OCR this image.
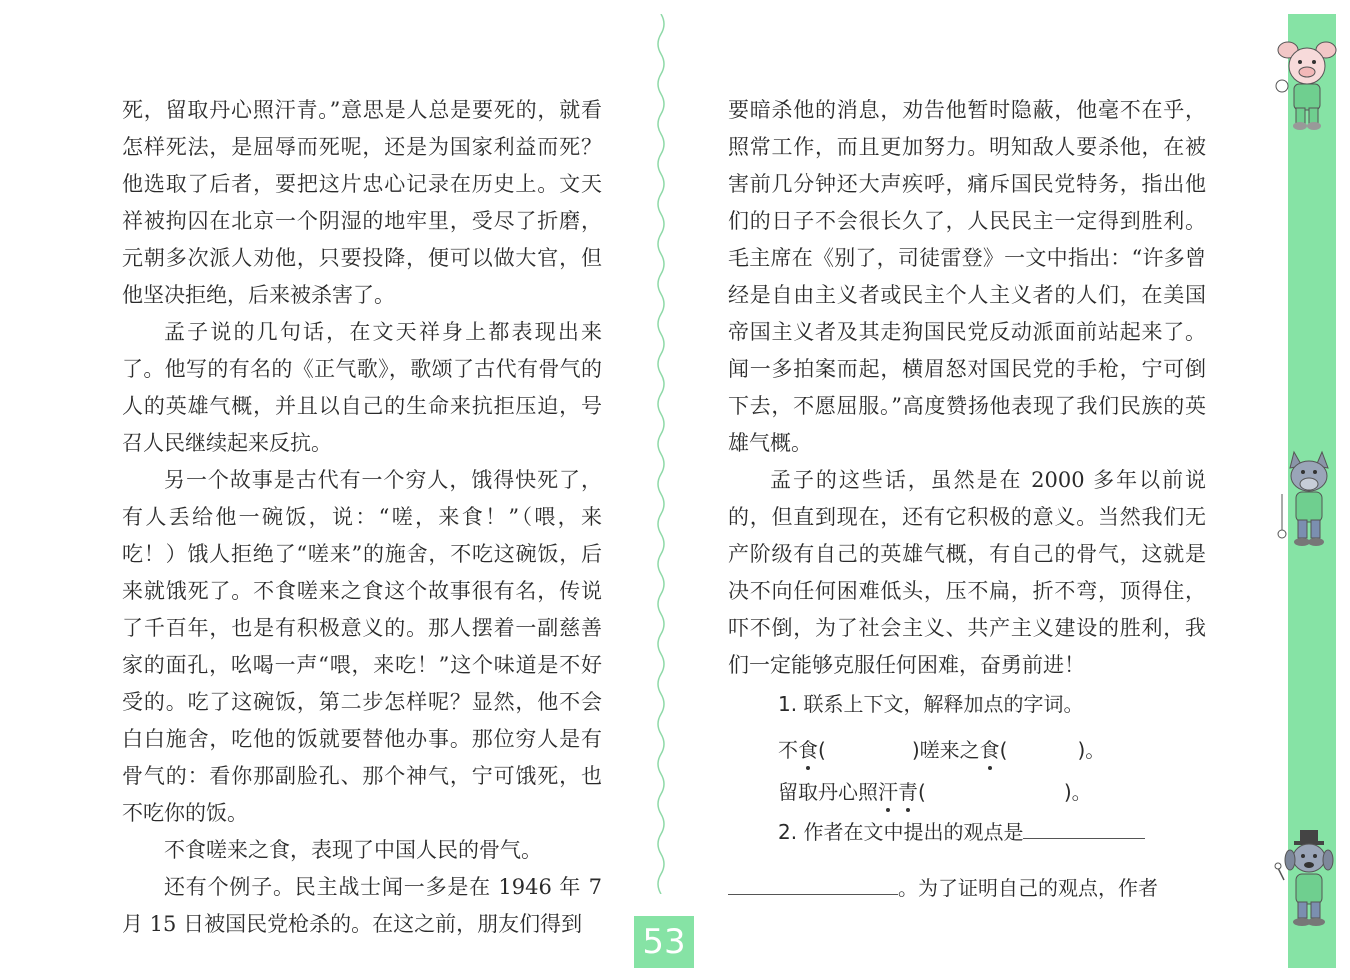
死，留取丹心照汗青。”意思是人总是要死的，就看怎样死法，是屈辱而死呢，还是为国家利益而死？他选取了后者，要把这片忠心记录在历史上。文天祥被拘囚在北京一个阴湿的地牢里，受尽了折磨，元朝多次派人劝他，只要投降，便可以做大官，但他坚决拒绝，后来被杀害了。

孟子说的几句话，在文天祥身上都表现出来了。他写的有名的《正气歌》，歌颂了古代有骨气的人的英雄气概，并且以自己的生命来抗拒压迫，号召人民继续起来反抗。

另一个故事是古代有一个穷人，饿得快死了，有人丢给他一碗饭，说：“嗟，来食！”（喂，来吃！）饿人拒绝了“嗟来”的施舍，不吃这碗饭，后来就饿死了。不食嗟来之食这个故事很有名，传说了千百年，也是有积极意义的。那人摆着一副慈善家的面孔，吆喝一声“喂，来吃！”这个味道是不好受的。吃了这碗饭，第二步怎样呢？显然，他不会白白施舍，吃他的饭就要替他办事。那位穷人是有骨气的：看你那副脸孔、那个神气，宁可饿死，也不吃你的饭。

不食嗟来之食，表现了中国人民的骨气。

还有个例子。民主战士闻一多是在 1946 年 7 月 15 日被国民党枪杀的。在这之前，朋友们得到

要暗杀他的消息，劝告他暂时隐蔽，他毫不在乎，照常工作，而且更加努力。明知敌人要杀他，在被害前几分钟还大声疾呼，痛斥国民党特务，指出他们的日子不会很长久了，人民民主一定得到胜利。毛主席在《别了，司徒雷登》一文中指出：“许多曾经是自由主义者或民主个人主义者的人们，在美国帝国主义者及其走狗国民党反动派面前站起来了。闻一多拍案而起，横眉怒对国民党的手枪，宁可倒下去，不愿屈服。”高度赞扬他表现了我们民族的英雄气概。

孟子的这些话，虽然是在 2000 多年以前说的，但直到现在，还有它积极的意义。当然我们无产阶级有自己的英雄气概，有自己的骨气，这就是决不向任何困难低头，压不扁，折不弯，顶得住，吓不倒，为了社会主义、共产主义建设的胜利，我们一定能够克服任何困难，奋勇前进！

1. 联系上下文，解释加点的字词。
不食(	)嗟来之食(	)。
留取丹心照汗青(	)。
2. 作者在文中提出的观点是
。为了证明自己的观点，作者
53
